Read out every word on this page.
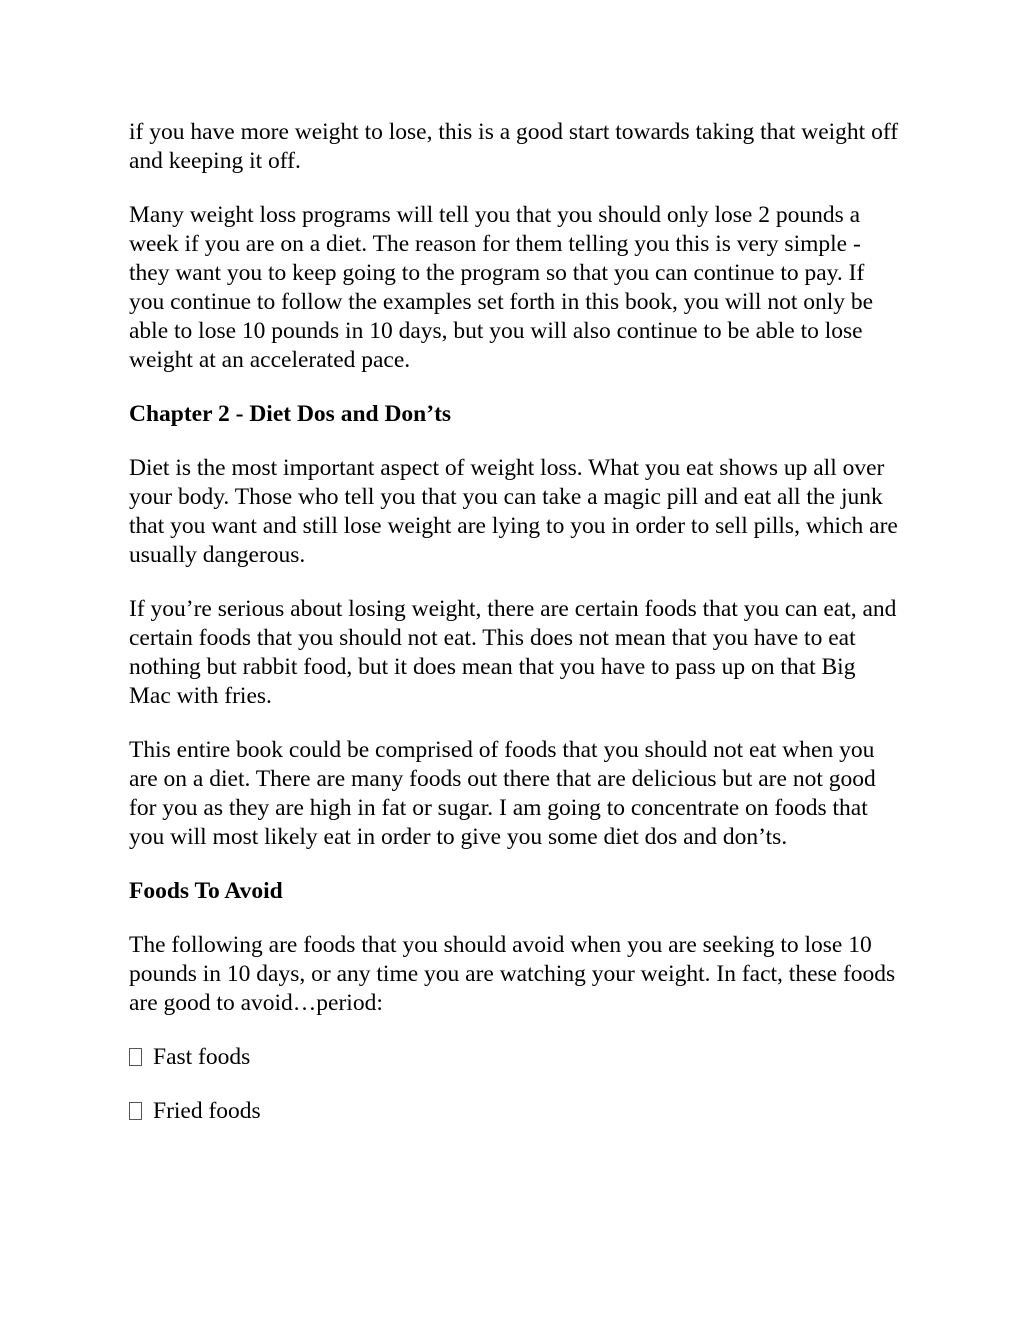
if you have more weight to lose, this is a good start towards taking that weight off and keeping it off.

Many weight loss programs will tell you that you should only lose 2 pounds a week if you are on a diet. The reason for them telling you this is very simple - they want you to keep going to the program so that you can continue to pay. If you continue to follow the examples set forth in this book, you will not only be able to lose 10 pounds in 10 days, but you will also continue to be able to lose weight at an accelerated pace.

Chapter 2 - Diet Dos and Don’ts

Diet is the most important aspect of weight loss. What you eat shows up all over your body. Those who tell you that you can take a magic pill and eat all the junk that you want and still lose weight are lying to you in order to sell pills, which are usually dangerous.

If you’re serious about losing weight, there are certain foods that you can eat, and certain foods that you should not eat. This does not mean that you have to eat nothing but rabbit food, but it does mean that you have to pass up on that Big Mac with fries.

This entire book could be comprised of foods that you should not eat when you are on a diet. There are many foods out there that are delicious but are not good for you as they are high in fat or sugar. I am going to concentrate on foods that you will most likely eat in order to give you some diet dos and don’ts.

Foods To Avoid

The following are foods that you should avoid when you are seeking to lose 10 pounds in 10 days, or any time you are watching your weight. In fact, these foods are good to avoid…period:

Fast foods
Fried foods
